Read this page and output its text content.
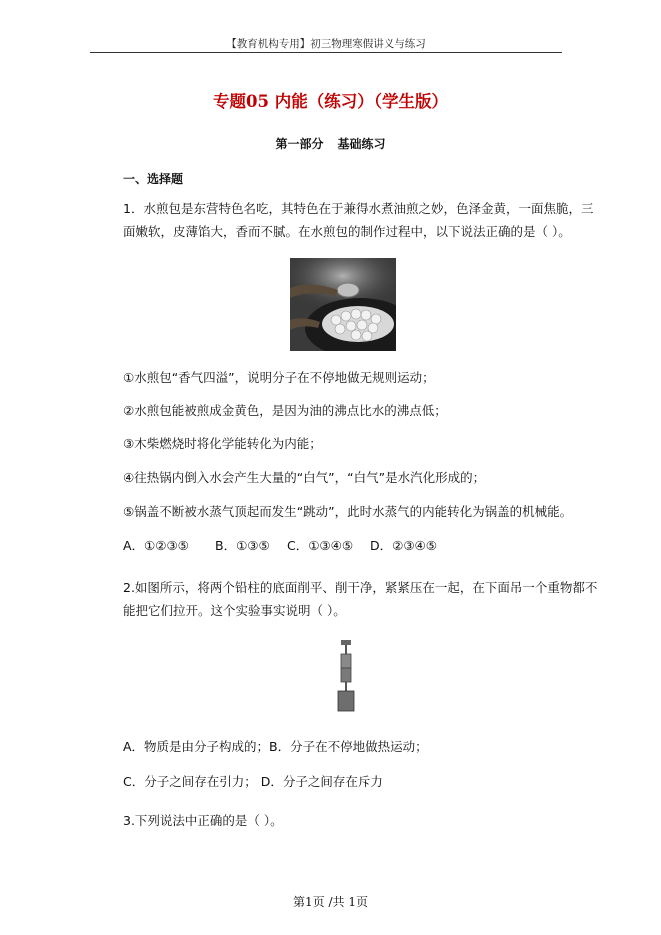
【教育机构专用】初三物理寒假讲义与练习
专题05 内能（练习）（学生版）
第一部分 基础练习
一、选择题
1．水煎包是东营特色名吃，其特色在于兼得水煮油煎之妙，色泽金黄，一面焦脆，三
面嫩软，皮薄馅大，香而不腻。在水煎包的制作过程中，以下说法正确的是（ ）。
①水煎包“香气四溢”，说明分子在不停地做无规则运动；
②水煎包能被煎成金黄色，是因为油的沸点比水的沸点低；
③木柴燃烧时将化学能转化为内能；
④往热锅内倒入水会产生大量的“白气”，“白气”是水汽化形成的；
⑤锅盖不断被水蒸气顶起而发生“跳动”，此时水蒸气的内能转化为锅盖的机械能。
A．①②③⑤ B．①③⑤ C．①③④⑤ D．②③④⑤
2.如图所示，将两个铅柱的底面削平、削干净，紧紧压在一起，在下面吊一个重物都不
能把它们拉开。这个实验事实说明（ ）。
A．物质是由分子构成的；B．分子在不停地做热运动；
C．分子之间存在引力； D．分子之间存在斥力
3.下列说法中正确的是（ ）。
第1页 /共 1页
